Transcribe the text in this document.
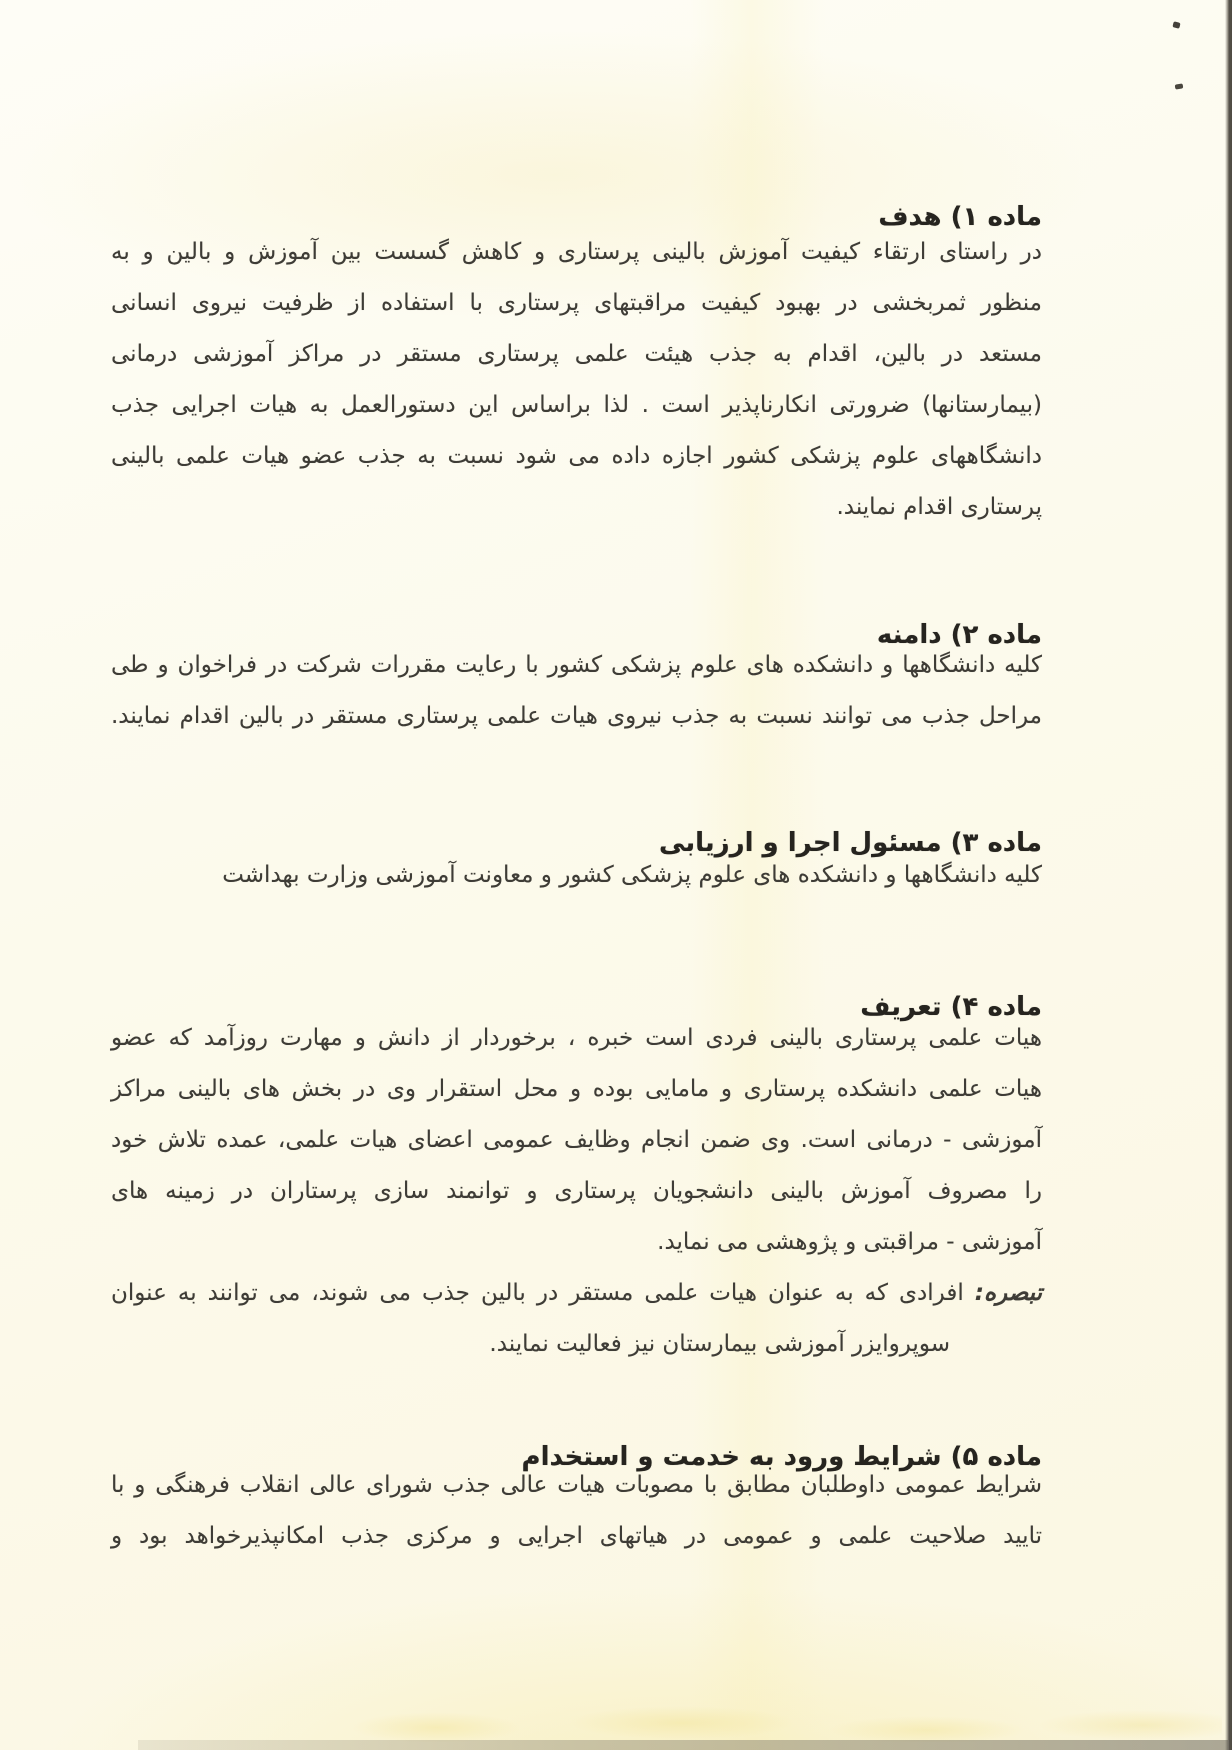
ماده ۱) هدف
در راستای ارتقاء کیفیت آموزش بالینی پرستاری و کاهش گسست بین آموزش و بالین و به
منظور ثمربخشی در بهبود کیفیت مراقبتهای پرستاری با استفاده از ظرفیت نیروی انسانی
مستعد در بالین، اقدام به جذب هیئت علمی پرستاری مستقر در مراکز آموزشی درمانی
(بیمارستانها) ضرورتی انکارناپذیر است . لذا براساس این دستورالعمل به هیات اجرایی جذب
دانشگاههای علوم پزشکی کشور اجازه داده می شود نسبت به جذب عضو هیات علمی بالینی
پرستاری اقدام نمایند.
ماده ۲) دامنه
کلیه دانشگاهها و دانشکده های علوم پزشکی کشور با رعایت مقررات شرکت در فراخوان و طی
مراحل جذب می توانند نسبت به جذب نیروی هیات علمی پرستاری مستقر در بالین اقدام نمایند.
ماده ۳) مسئول اجرا و ارزیابی
کلیه دانشگاهها و دانشکده های علوم پزشکی کشور و معاونت آموزشی وزارت بهداشت
ماده ۴) تعریف
هیات علمی پرستاری بالینی فردی است خبره ، برخوردار از دانش و مهارت روزآمد که عضو
هیات علمی دانشکده پرستاری و مامایی بوده و محل استقرار وی در بخش های بالینی مراکز
آموزشی - درمانی است. وی ضمن انجام وظایف عمومی اعضای هیات علمی، عمده تلاش خود
را مصروف آموزش بالینی دانشجویان پرستاری و توانمند سازی پرستاران در زمینه های
آموزشی - مراقبتی و پژوهشی می نماید.
تبصره: افرادی که به عنوان هیات علمی مستقر در بالین جذب می شوند، می توانند به عنوان
سوپروایزر آموزشی بیمارستان نیز فعالیت نمایند.
ماده ۵) شرایط ورود به خدمت و استخدام
شرایط عمومی داوطلبان مطابق با مصوبات هیات عالی جذب شورای عالی انقلاب فرهنگی و با
تایید صلاحیت علمی و عمومی در هیاتهای اجرایی و مرکزی جذب امکانپذیرخواهد بود و
